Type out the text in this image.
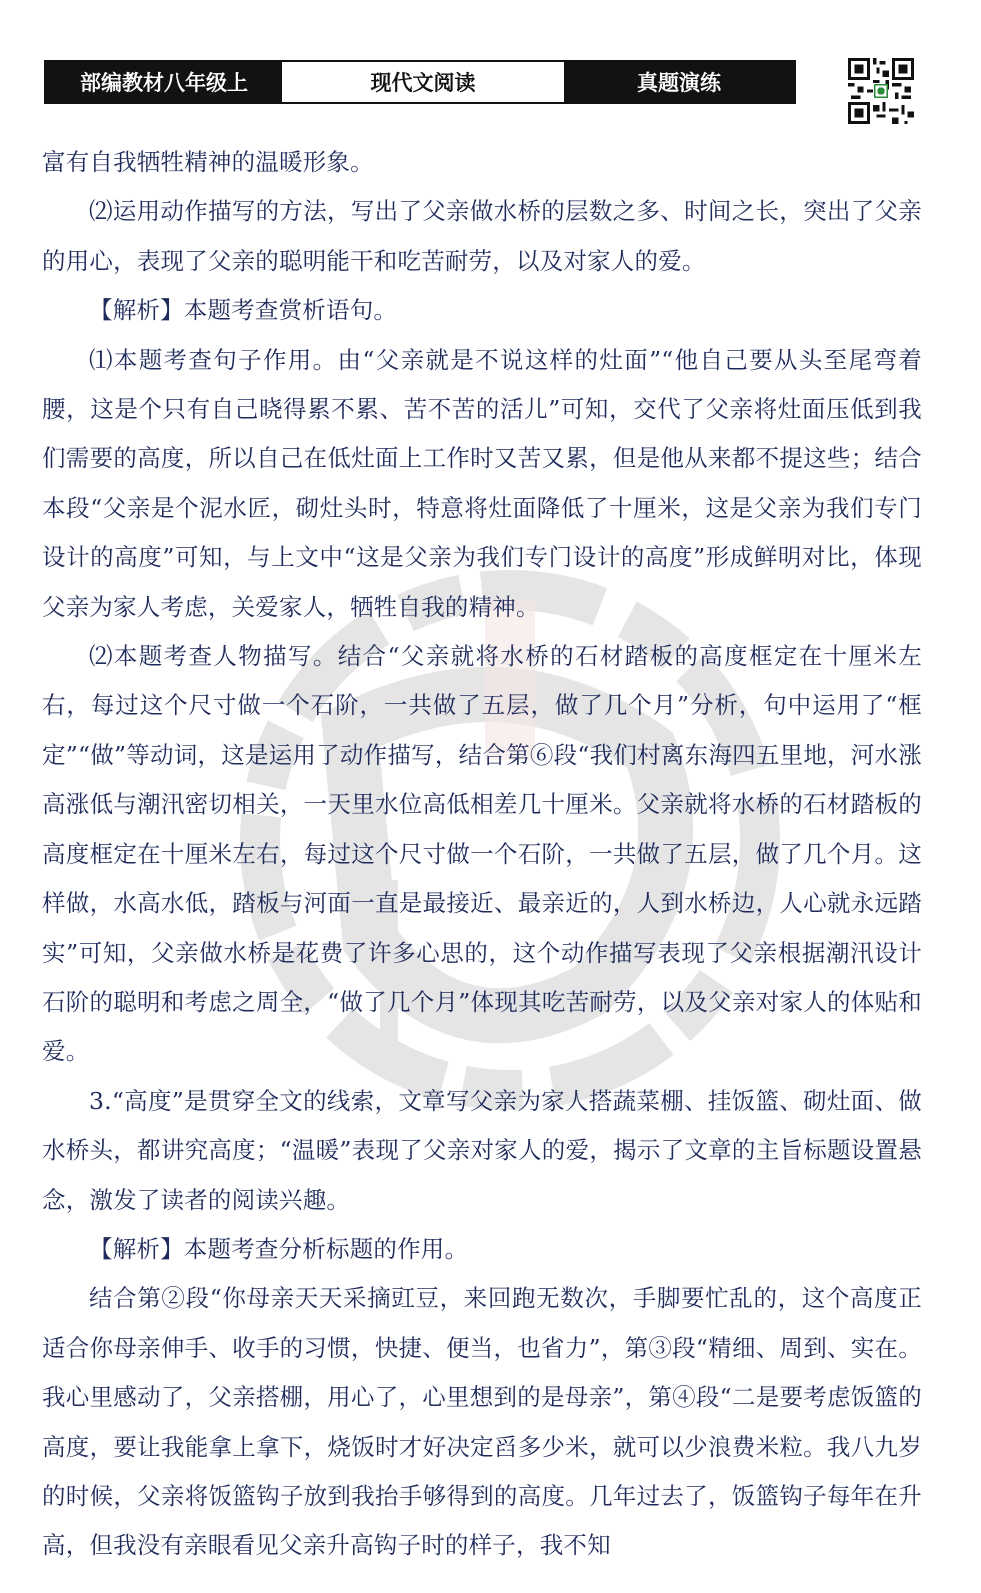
部编教材八年级上	现代文阅读	真题演练

富有自我牺牲精神的温暖形象。

⑵运用动作描写的方法，写出了父亲做水桥的层数之多、时间之长，突出了父亲的用心，表现了父亲的聪明能干和吃苦耐劳，以及对家人的爱。

【解析】本题考查赏析语句。

⑴本题考查句子作用。由“父亲就是不说这样的灶面”“他自己要从头至尾弯着腰，这是个只有自己晓得累不累、苦不苦的活儿”可知，交代了父亲将灶面压低到我们需要的高度，所以自己在低灶面上工作时又苦又累，但是他从来都不提这些；结合本段“父亲是个泥水匠，砌灶头时，特意将灶面降低了十厘米，这是父亲为我们专门设计的高度”可知，与上文中“这是父亲为我们专门设计的高度”形成鲜明对比，体现父亲为家人考虑，关爱家人，牺牲自我的精神。

⑵本题考查人物描写。结合“父亲就将水桥的石材踏板的高度框定在十厘米左右，每过这个尺寸做一个石阶，一共做了五层，做了几个月”分析，句中运用了“框定”“做”等动词，这是运用了动作描写，结合第⑥段“我们村离东海四五里地，河水涨高涨低与潮汛密切相关，一天里水位高低相差几十厘米。父亲就将水桥的石材踏板的高度框定在十厘米左右，每过这个尺寸做一个石阶，一共做了五层，做了几个月。这样做，水高水低，踏板与河面一直是最接近、最亲近的，人到水桥边，人心就永远踏实”可知，父亲做水桥是花费了许多心思的，这个动作描写表现了父亲根据潮汛设计石阶的聪明和考虑之周全，“做了几个月”体现其吃苦耐劳，以及父亲对家人的体贴和爱。

3.“高度”是贯穿全文的线索，文章写父亲为家人搭蔬菜棚、挂饭篮、砌灶面、做水桥头，都讲究高度；“温暖”表现了父亲对家人的爱，揭示了文章的主旨标题设置悬念，激发了读者的阅读兴趣。

【解析】本题考查分析标题的作用。

结合第②段“你母亲天天采摘豇豆，来回跑无数次，手脚要忙乱的，这个高度正适合你母亲伸手、收手的习惯，快捷、便当，也省力”，第③段“精细、周到、实在。我心里感动了，父亲搭棚，用心了，心里想到的是母亲”，第④段“二是要考虑饭篮的高度，要让我能拿上拿下，烧饭时才好决定舀多少米，就可以少浪费米粒。我八九岁的时候，父亲将饭篮钩子放到我抬手够得到的高度。几年过去了，饭篮钩子每年在升高，但我没有亲眼看见父亲升高钩子时的样子，我不知
